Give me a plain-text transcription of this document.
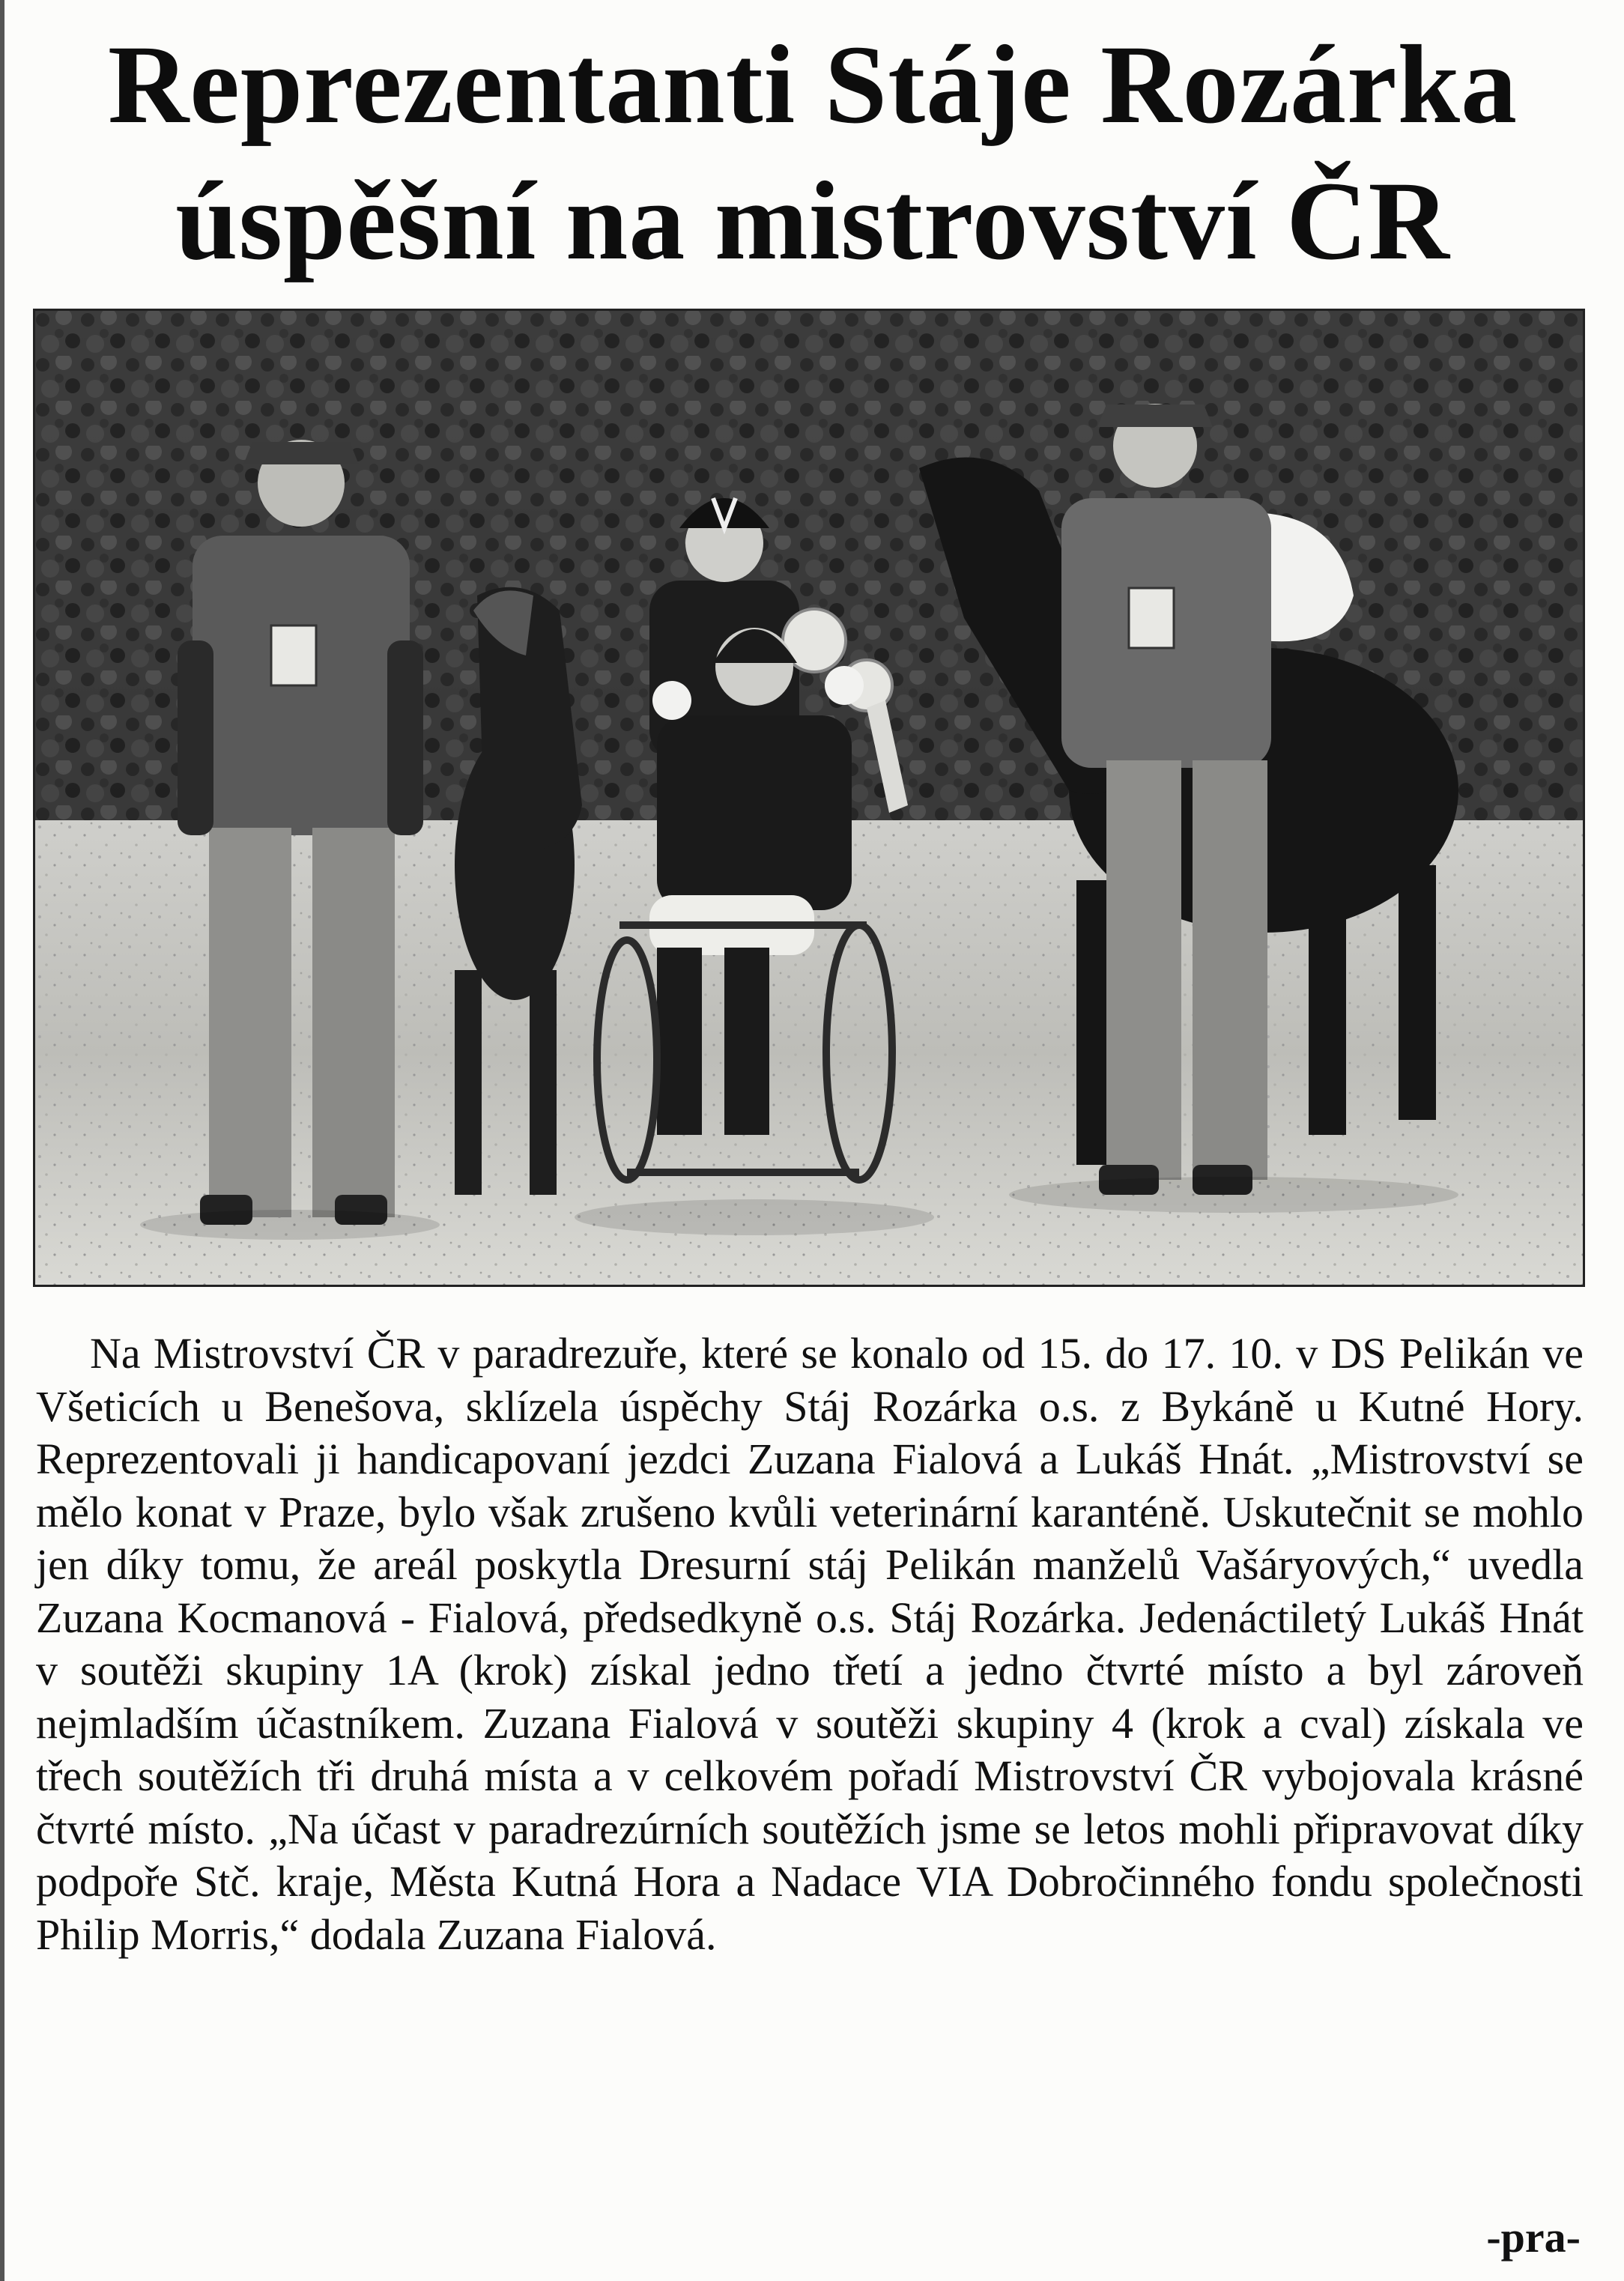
Reprezentanti Stáje Rozárka
úspěšní na mistrovství ČR

Na Mistrovství ČR v paradrezuře, které se konalo od 15. do 17. 10. v DS Pelikán ve Všeticích u Benešova, sklízela úspěchy Stáj Rozárka o.s. z Bykáně u Kutné Hory. Reprezentovali ji handicapovaní jezdci Zuzana Fialová a Lukáš Hnát. „Mistrovství se mělo konat v Praze, bylo však zrušeno kvůli veterinární karanténě. Uskutečnit se mohlo jen díky tomu, že areál poskytla Dresurní stáj Pelikán manželů Vašáryových,“ uvedla Zuzana Kocmanová - Fialová, předsedkyně o.s. Stáj Rozárka. Jedenáctiletý Lukáš Hnát v soutěži skupiny 1A (krok) získal jedno třetí a jedno čtvrté místo a byl zároveň nejmladším účastníkem. Zuzana Fialová v soutěži skupiny 4 (krok a cval) získala ve třech soutěžích tři druhá místa a v celkovém pořadí Mistrovství ČR vybojovala krásné čtvrté místo. „Na účast v paradrezúrních soutěžích jsme se letos mohli připravovat díky podpoře Stč. kraje, Města Kutná Hora a Nadace VIA Dobročinného fondu společnosti Philip Morris,“ dodala Zuzana Fialová.

-pra-
